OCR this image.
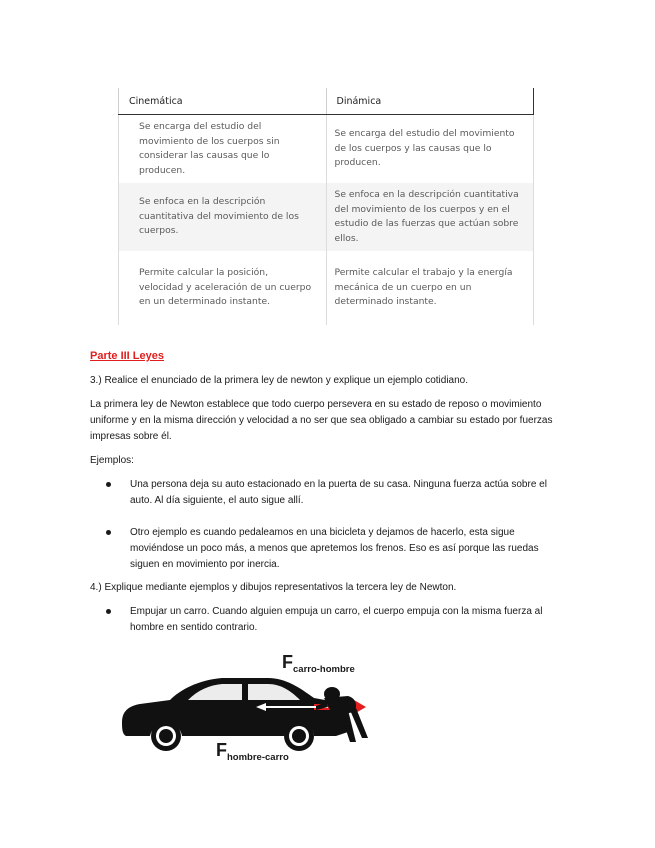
Cinemática	Dinámica
Se encarga del estudio del movimiento de los cuerpos sin considerar las causas que lo producen.	Se encarga del estudio del movimiento de los cuerpos y las causas que lo producen.
Se enfoca en la descripción cuantitativa del movimiento de los cuerpos.	Se enfoca en la descripción cuantitativa del movimiento de los cuerpos y en el estudio de las fuerzas que actúan sobre ellos.
Permite calcular la posición, velocidad y aceleración de un cuerpo en un determinado instante.	Permite calcular el trabajo y la energía mecánica de un cuerpo en un determinado instante.
Parte III Leyes
3.) Realice el enunciado de la primera ley de newton y explique un ejemplo cotidiano.
La primera ley de Newton establece que todo cuerpo persevera en su estado de reposo o movimiento uniforme y en la misma dirección y velocidad a no ser que sea obligado a cambiar su estado por fuerzas impresas sobre él.
Ejemplos:
Una persona deja su auto estacionado en la puerta de su casa. Ninguna fuerza actúa sobre el auto. Al día siguiente, el auto sigue allí.
Otro ejemplo es cuando pedaleamos en una bicicleta y dejamos de hacerlo, esta sigue moviéndose un poco más, a menos que apretemos los frenos. Eso es así porque las ruedas siguen en movimiento por inercia.
4.) Explique mediante ejemplos y dibujos representativos la tercera ley de Newton.
Empujar un carro. Cuando alguien empuja un carro, el cuerpo empuja con la misma fuerza al hombre en sentido contrario.
$F_{carro-hombre}$
$F_{hombre-carro}$
